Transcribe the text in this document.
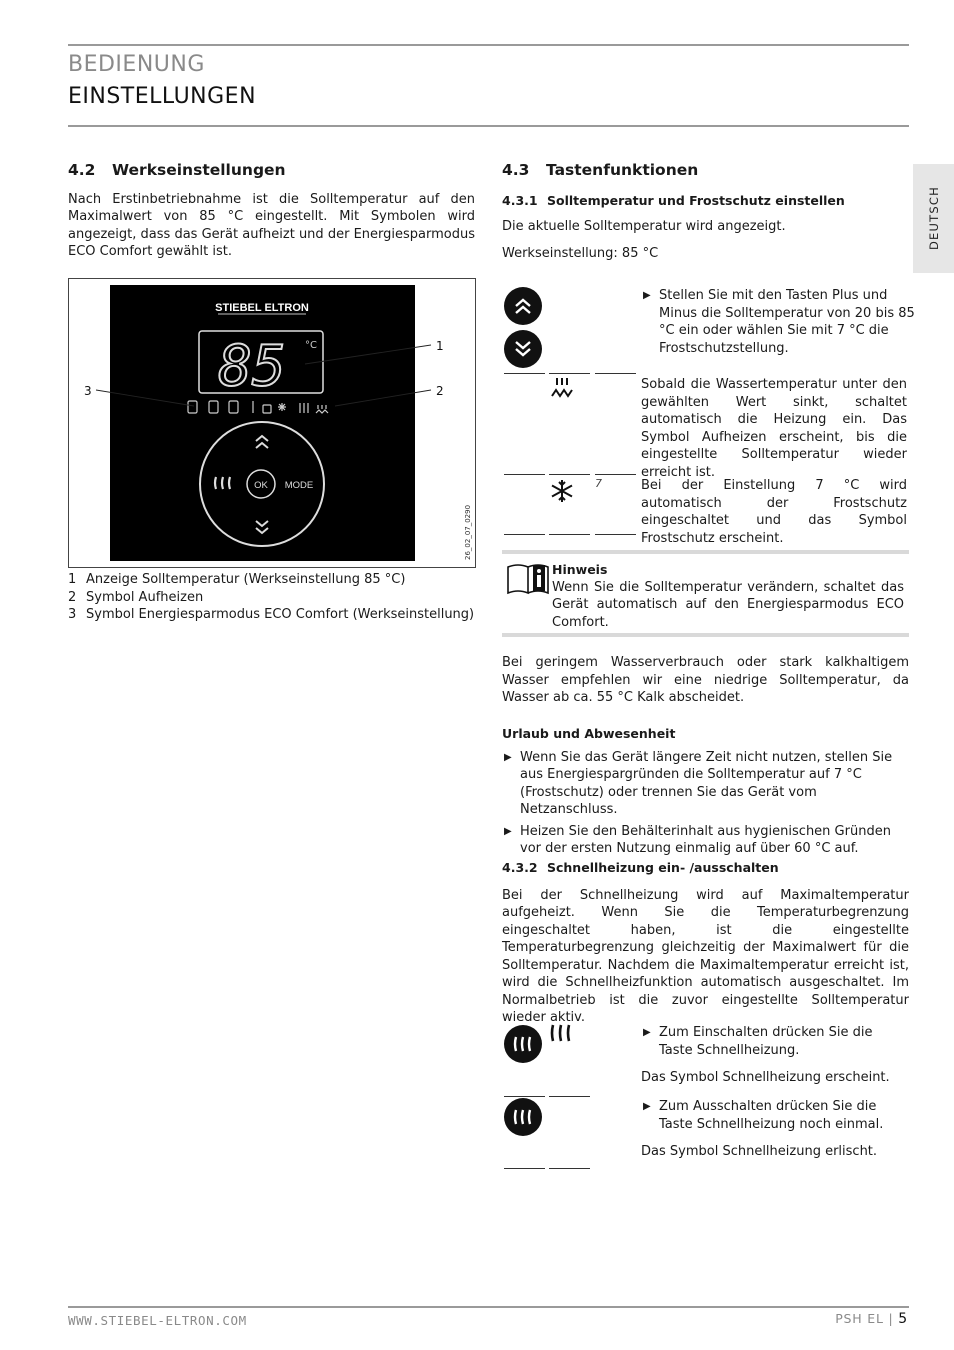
BEDIENUNG
EINSTELLUNGEN
DEUTSCH
4.2 Werkseinstellungen

Nach Erstinbetriebnahme ist die Solltemperatur auf den Maximalwert von 85 °C eingestellt. Mit Symbolen wird angezeigt, dass das Gerät aufheizt und der Energiesparmodus ECO Comfort gewählt ist.

STIEBEL ELTRON
85 °C
OK MODE
1
2
3
26_02_07_0290
1 Anzeige Solltemperatur (Werkseinstellung 85 °C)
2 Symbol Aufheizen
3 Symbol Energiesparmodus ECO Comfort (Werkseinstellung)
4.3 Tastenfunktionen
4.3.1 Solltemperatur und Frostschutz einstellen

Die aktuelle Solltemperatur wird angezeigt.

Werkseinstellung: 85 °C

▶ Stellen Sie mit den Tasten Plus und Minus die Solltemperatur von 20 bis 85 °C ein oder wählen Sie mit 7 °C die Frostschutzstellung.

Sobald die Wassertemperatur unter den gewählten Wert sinkt, schaltet automatisch die Heizung ein. Das Symbol Aufheizen erscheint, bis die eingestellte Solltemperatur wieder erreicht ist.

7	Bei der Einstellung 7 °C wird automatisch der Frostschutz eingeschaltet und das Symbol Frostschutz erscheint.

Hinweis

Wenn Sie die Solltemperatur verändern, schaltet das Gerät automatisch auf den Energiesparmodus ECO Comfort.

Bei geringem Wasserverbrauch oder stark kalkhaltigem Wasser empfehlen wir eine niedrige Solltemperatur, da Wasser ab ca. 55 °C Kalk abscheidet.

Urlaub und Abwesenheit
▶ Wenn Sie das Gerät längere Zeit nicht nutzen, stellen Sie aus Energiespargründen die Solltemperatur auf 7 °C (Frostschutz) oder trennen Sie das Gerät vom Netzanschluss.
▶ Heizen Sie den Behälterinhalt aus hygienischen Gründen vor der ersten Nutzung einmalig auf über 60 °C auf.
4.3.2 Schnellheizung ein- /ausschalten

Bei der Schnellheizung wird auf Maximaltemperatur aufgeheizt. Wenn Sie die Temperaturbegrenzung eingeschaltet haben, ist die eingestellte Temperaturbegrenzung gleichzeitig der Maximalwert für die Solltemperatur. Nachdem die Maximaltemperatur erreicht ist, wird die Schnellheizfunktion automatisch ausgeschaltet. Im Normalbetrieb ist die zuvor eingestellte Solltemperatur wieder aktiv.

▶ Zum Einschalten drücken Sie die Taste Schnellheizung.

Das Symbol Schnellheizung erscheint.

▶ Zum Ausschalten drücken Sie die Taste Schnellheizung noch einmal.

Das Symbol Schnellheizung erlischt.

WWW.STIEBEL-ELTRON.COM	PSH EL | 5
